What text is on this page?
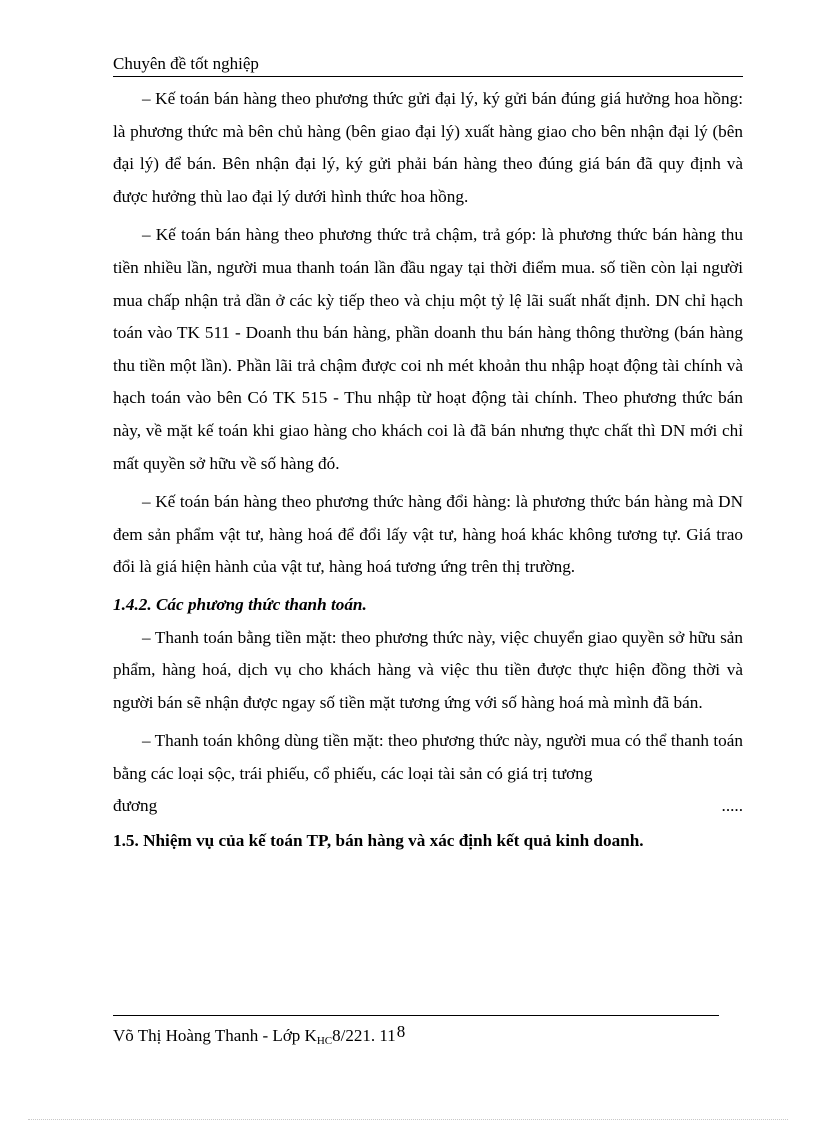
Chuyên đề tốt nghiệp

– Kế toán bán hàng theo phương thức gửi đại lý, ký gửi bán đúng giá hưởng hoa hồng: là phương thức mà bên chủ hàng (bên giao đại lý) xuất hàng giao cho bên nhận đại lý (bên đại lý) để bán. Bên nhận đại lý, ký gửi phải bán hàng theo đúng giá bán đã quy định và được hưởng thù lao đại lý dưới hình thức hoa hồng.

– Kế toán bán hàng theo phương thức trả chậm, trả góp: là phương thức bán hàng thu tiền nhiều lần, người mua thanh toán lần đầu ngay tại thời điểm mua. số tiền còn lại người mua chấp nhận trả dần ở các kỳ tiếp theo và chịu một tỷ lệ lãi suất nhất định. DN chỉ hạch toán vào TK 511 - Doanh thu bán hàng, phần doanh thu bán hàng thông thường (bán hàng thu tiền một lần). Phần lãi trả chậm được coi nh mét khoản thu nhập hoạt động tài chính và hạch toán vào bên Có TK 515 - Thu nhập từ hoạt động tài chính. Theo phương thức bán này, về mặt kế toán khi giao hàng cho khách coi là đã bán nhưng thực chất thì DN mới chỉ mất quyền sở hữu về số hàng đó.

– Kế toán bán hàng theo phương thức hàng đổi hàng: là phương thức bán hàng mà DN đem sản phẩm vật tư, hàng hoá để đổi lấy vật tư, hàng hoá khác không tương tự. Giá trao đổi là giá hiện hành của vật tư, hàng hoá tương ứng trên thị trường.

1.4.2. Các phương thức thanh toán.

– Thanh toán bằng tiền mặt: theo phương thức này, việc chuyển giao quyền sở hữu sản phẩm, hàng hoá, dịch vụ cho khách hàng và việc thu tiền được thực hiện đồng thời và người bán sẽ nhận được ngay số tiền mặt tương ứng với số hàng hoá mà mình đã bán.

– Thanh toán không dùng tiền mặt: theo phương thức này, người mua có thể thanh toán bằng các loại sộc, trái phiếu, cổ phiếu, các loại tài sản có giá trị tương

đương	.....

1.5. Nhiệm vụ của kế toán TP, bán hàng và xác định kết quả kinh doanh.

Võ Thị Hoàng Thanh - Lớp $K_{HC}8/221$. 118
